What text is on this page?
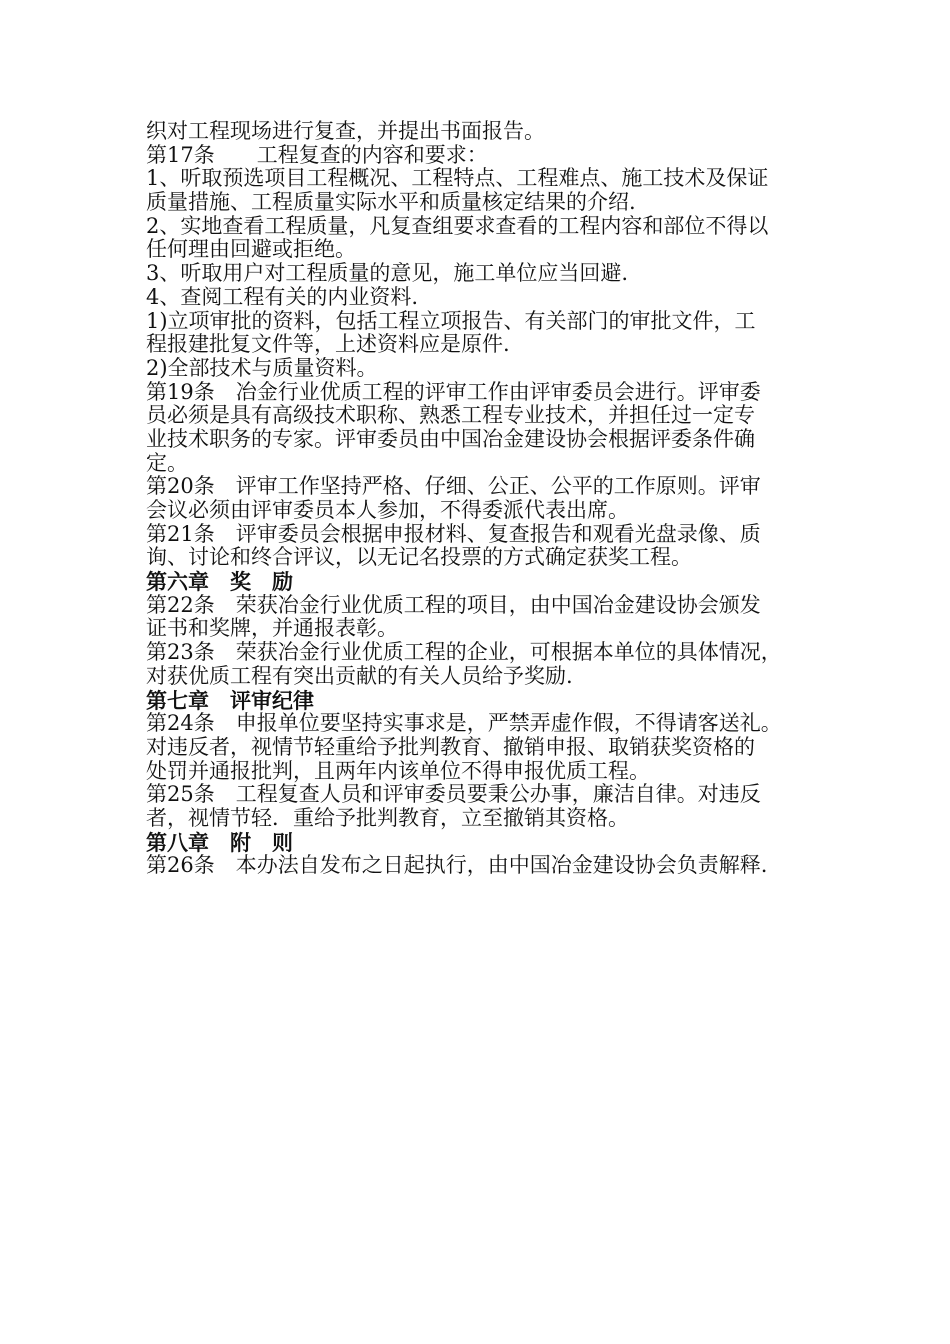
织对工程现场进行复查，并提出书面报告。
第17条　　工程复查的内容和要求：
1、听取预选项目工程概况、工程特点、工程难点、施工技术及保证
质量措施、工程质量实际水平和质量核定结果的介绍.
2、实地查看工程质量，凡复查组要求查看的工程内容和部位不得以
任何理由回避或拒绝。
3、听取用户对工程质量的意见，施工单位应当回避.
4、查阅工程有关的内业资料.
1)立项审批的资料，包括工程立项报告、有关部门的审批文件，工
程报建批复文件等，上述资料应是原件.
2)全部技术与质量资料。
第19条　冶金行业优质工程的评审工作由评审委员会进行。评审委
员必须是具有高级技术职称、熟悉工程专业技术，并担任过一定专
业技术职务的专家。评审委员由中国冶金建设协会根据评委条件确
定。
第20条　评审工作坚持严格、仔细、公正、公平的工作原则。评审
会议必须由评审委员本人参加，不得委派代表出席。
第21条　评审委员会根据申报材料、复查报告和观看光盘录像、质
询、讨论和终合评议，以无记名投票的方式确定获奖工程。
第六章　奖　励
第22条　荣获冶金行业优质工程的项目，由中国冶金建设协会颁发
证书和奖牌，并通报表彰。
第23条　荣获冶金行业优质工程的企业，可根据本单位的具体情况，
对获优质工程有突出贡献的有关人员给予奖励.
第七章　评审纪律
第24条　申报单位要坚持实事求是，严禁弄虚作假，不得请客送礼。
对违反者，视情节轻重给予批判教育、撤销申报、取销获奖资格的
处罚并通报批判，且两年内该单位不得申报优质工程。
第25条　工程复查人员和评审委员要秉公办事，廉洁自律。对违反
者，视情节轻．重给予批判教育，立至撤销其资格。
第八章　附　则
第26条　本办法自发布之日起执行，由中国冶金建设协会负责解释.
